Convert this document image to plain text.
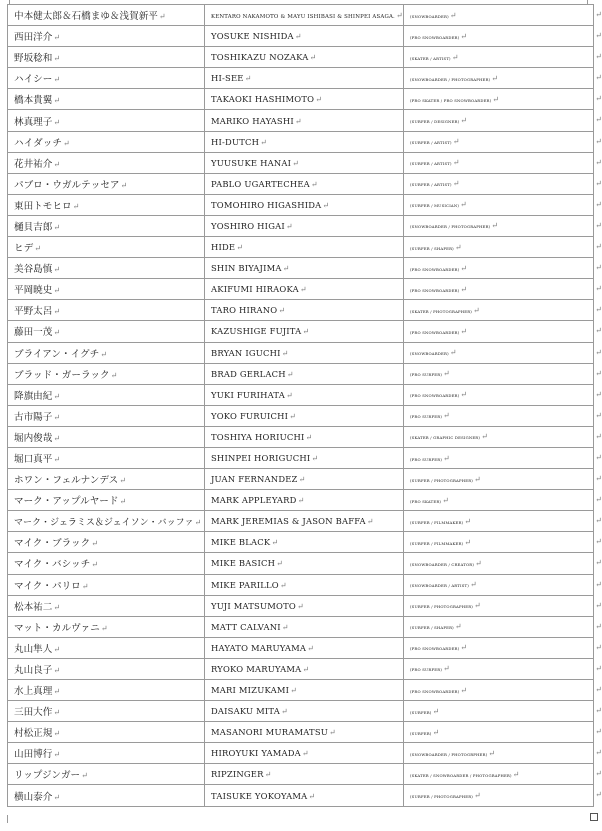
中本健太郎＆石橋まゆ＆浅賀新平↵	KENTARO NAKAMOTO & MAYU ISHIBASI & SHINPEI ASAGA.↵	(SNOWBOARDER)↵ ↵

西田洋介↵	YOSUKE NISHIDA↵	(PRO SNOWBOARDER)↵ ↵

野坂稔和↵	TOSHIKAZU NOZAKA↵	(SKATER / ARTIST)↵ ↵

ハイシー↵	HI-SEE↵	(SNOWBOARDER / PHOTOGRAPHER)↵ ↵

橋本貴翼↵	TAKAOKI HASHIMOTO↵	(PRO SKATER / PRO SNOWBOARDER)↵ ↵

林真理子↵	MARIKO HAYASHI↵	(SURFER / DESIGNER)↵ ↵

ハイダッチ↵	HI-DUTCH↵	(SURFER / ARTIST)↵ ↵

花井祐介↵	YUUSUKE HANAI↵	(SURFER / ARTIST)↵ ↵

パブロ・ウガルテッセア↵	PABLO UGARTECHEA↵	(SURFER / ARTIST)↵ ↵

東田トモヒロ↵	TOMOHIRO HIGASHIDA↵	(SURFER / MUSICIAN)↵ ↵

樋貝吉郎↵	YOSHIRO HIGAI↵	(SNOWBOARDER / PHOTOGRAPHER)↵ ↵

ヒデ↵	HIDE↵	(SURFER / SHAPER)↵ ↵

美谷島慎↵	SHIN BIYAJIMA↵	(PRO SNOWBOARDER)↵ ↵

平岡暁史↵	AKIFUMI HIRAOKA↵	(PRO SNOWBOARDER)↵ ↵

平野太呂↵	TARO HIRANO↵	(SKATER / PHOTOGRAPHER)↵ ↵

藤田一茂↵	KAZUSHIGE FUJITA↵	(PRO SNOWBOARDER)↵ ↵

ブライアン・イグチ↵	BRYAN IGUCHI↵	(SNOWBOARDER)↵ ↵

ブラッド・ガーラック↵	BRAD GERLACH↵	(PRO SURFER)↵ ↵

降旗由紀↵	YUKI FURIHATA↵	(PRO SNOWBOARDER)↵ ↵

古市陽子↵	YOKO FURUICHI↵	(PRO SURFER)↵ ↵

堀内俊哉↵	TOSHIYA HORIUCHI↵	(SKATER / GRAPHIC DESIGNER)↵ ↵

堀口真平↵	SHINPEI HORIGUCHI↵	(PRO SURFER)↵ ↵

ホワン・フェルナンデス↵	JUAN FERNANDEZ↵	(SURFER / PHOTOGRAPHER)↵ ↵

マーク・アップルヤード↵	MARK APPLEYARD↵	(PRO SKATER)↵ ↵

マーク・ジェラミス＆ジェイソン・バッファ↵	MARK JEREMIAS & JASON BAFFA↵	(SURFER / FILMMAKER)↵ ↵

マイク・ブラック↵	MIKE BLACK↵	(SURFER / FILMMAKER)↵ ↵

マイク・バシッチ↵	MIKE BASICH↵	(SNOWBOARDER / CREATOR)↵ ↵

マイク・パリロ↵	MIKE PARILLO↵	(SNOWBOARDER / ARTIST)↵ ↵

松本祐二↵	YUJI MATSUMOTO↵	(SURFER / PHOTOGRAPHER)↵ ↵

マット・カルヴァニ↵	MATT CALVANI↵	(SURFER / SHAPER)↵ ↵

丸山隼人↵	HAYATO MARUYAMA↵	(PRO SNOWBOARDER)↵ ↵

丸山良子↵	RYOKO MARUYAMA↵	(PRO SURFER)↵ ↵

水上真理↵	MARI MIZUKAMI↵	(PRO SNOWBOARDER)↵ ↵

三田大作↵	DAISAKU MITA↵	(SURFER)↵ ↵

村松正規↵	MASANORI MURAMATSU↵	(SURFER)↵ ↵

山田博行↵	HIROYUKI YAMADA↵	(SNOWBOARDER / PHOTOGRPHER)↵ ↵

リップジンガー↵	RIPZINGER↵	(SKATER / SNOWBOARDER / PHOTOGRAPHER)↵ ↵

横山泰介↵	TAISUKE YOKOYAMA↵	(SURFER / PHOTOGRAPHER)↵ ↵
